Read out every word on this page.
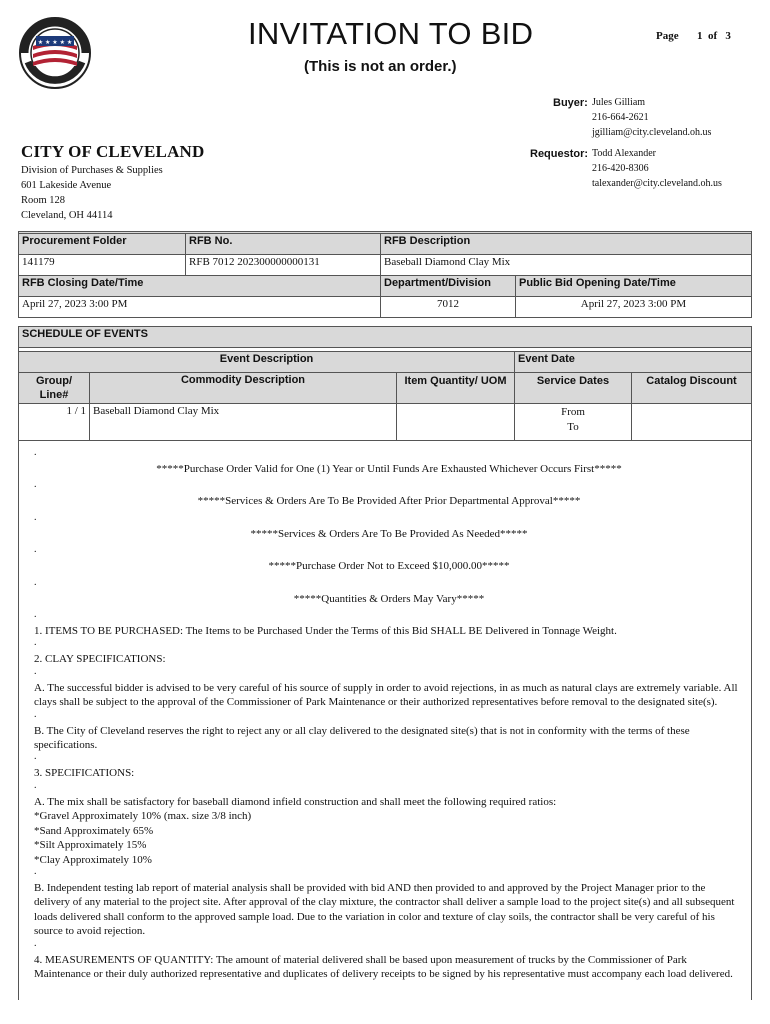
★ ★ ★ ★ ★	INVITATION TO BID
(This is not an order.)
Page 1  of   3
Buyer: Jules Gilliam
216-664-2621
jgilliam@city.cleveland.oh.us
Requestor: Todd Alexander
216-420-8306
talexander@city.cleveland.oh.us
CITY OF CLEVELAND
Division of Purchases & Supplies
601 Lakeside Avenue
Room 128
Cleveland, OH 44114

Procurement Folder	RFB No.	RFB Description	
141179	RFB 7012 202300000000131	Baseball Diamond Clay Mix	
RFB Closing Date/Time		Department/Division	Public Bid Opening Date/Time
April 27, 2023 3:00 PM		7012	April 27, 2023 3:00 PM
SCHEDULE OF EVENTS				

Event Description			Event Date	
Group/ Line#	Commodity Description	Item Quantity/ UOM	Service Dates	Catalog Discount
1 / 1	Baseball Diamond Clay Mix		From
To	

.
*****Purchase Order Valid for One (1) Year or Until Funds Are Exhausted Whichever Occurs First*****
.
*****Services & Orders Are To Be Provided After Prior Departmental Approval*****
.
*****Services & Orders Are To Be Provided As Needed*****
.
*****Purchase Order Not to Exceed $10,000.00*****
.
*****Quantities & Orders May Vary*****
.

1. ITEMS TO BE PURCHASED: The Items to be Purchased Under the Terms of this Bid SHALL BE Delivered in Tonnage Weight.

.

2. CLAY SPECIFICATIONS:

.

A. The successful bidder is advised to be very careful of his source of supply in order to avoid rejections, in as much as natural clays are extremely variable. All clays shall be subject to the approval of the Commissioner of Park Maintenance or their authorized representatives before removal to the designated site(s).

.

B. The City of Cleveland reserves the right to reject any or all clay delivered to the designated site(s) that is not in conformity with the terms of these specifications.

.

3. SPECIFICATIONS:

.

A. The mix shall be satisfactory for baseball diamond infield construction and shall meet the following required ratios:

*Gravel Approximately 10% (max. size 3/8 inch)
*Sand Approximately 65%
*Silt Approximately 15%
*Clay Approximately 10%
.

B. Independent testing lab report of material analysis shall be provided with bid AND then provided to and approved by the Project Manager prior to the delivery of any material to the project site. After approval of the clay mixture, the contractor shall deliver a sample load to the project site(s) and all subsequent loads delivered shall conform to the approved sample load. Due to the variation in color and texture of clay soils, the contractor shall be very careful of his source to avoid rejection.

.

4. MEASUREMENTS OF QUANTITY: The amount of material delivered shall be based upon measurement of trucks by the Commissioner of Park Maintenance or their duly authorized representative and duplicates of delivery receipts to be signed by his representative must accompany each load delivered.
